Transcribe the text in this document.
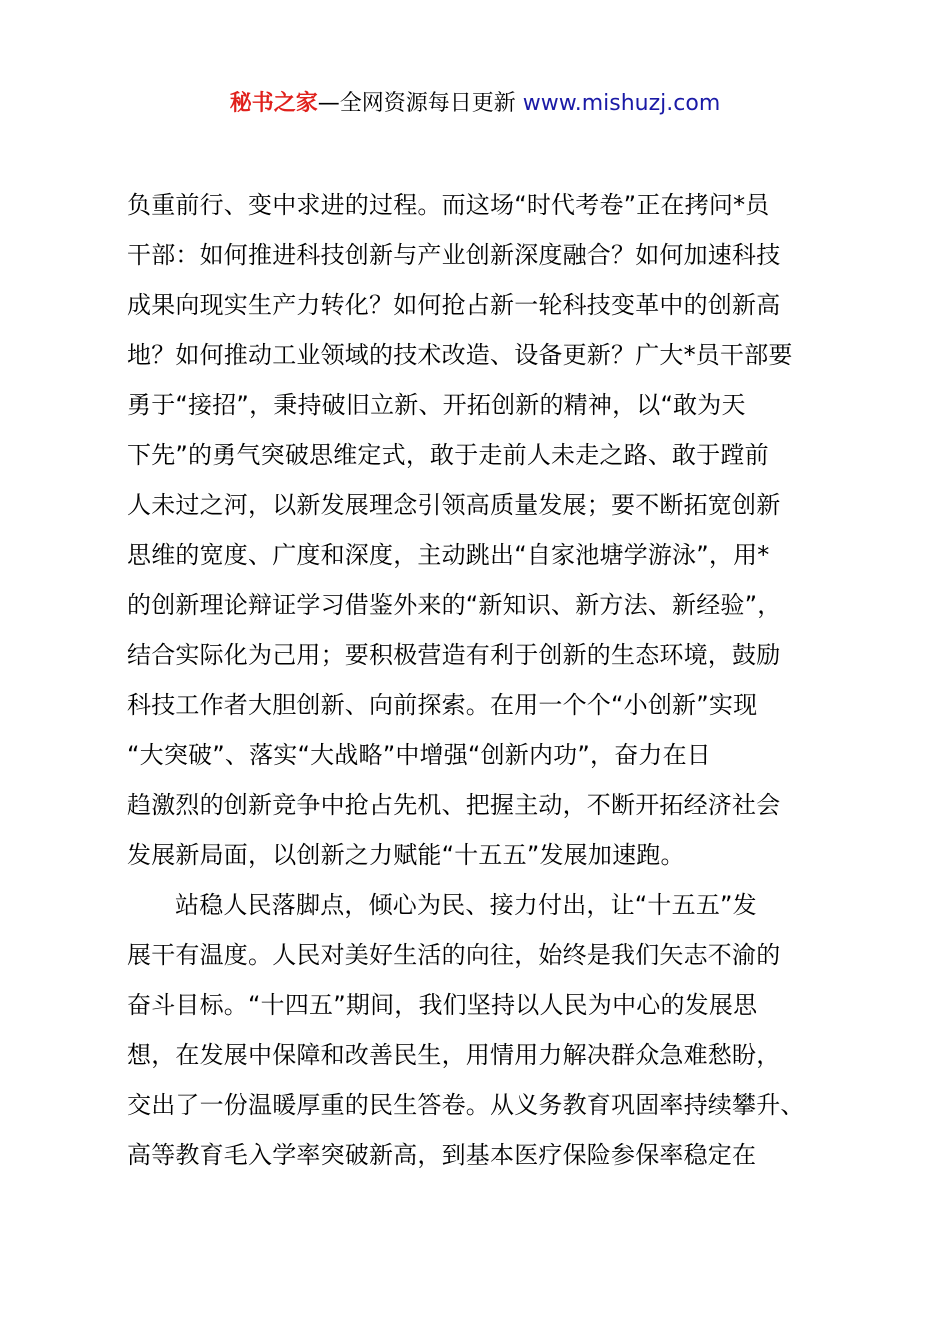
秘书之家—全网资源每日更新 www.mishuzj.com
负重前行、变中求进的过程。而这场“时代考卷”正在拷问*员
干部：如何推进科技创新与产业创新深度融合？如何加速科技
成果向现实生产力转化？如何抢占新一轮科技变革中的创新高
地？如何推动工业领域的技术改造、设备更新？广大*员干部要
勇于“接招”，秉持破旧立新、开拓创新的精神，以“敢为天
下先”的勇气突破思维定式，敢于走前人未走之路、敢于蹚前
人未过之河，以新发展理念引领高质量发展；要不断拓宽创新
思维的宽度、广度和深度，主动跳出“自家池塘学游泳”，用*
的创新理论辩证学习借鉴外来的“新知识、新方法、新经验”，
结合实际化为己用；要积极营造有利于创新的生态环境，鼓励
科技工作者大胆创新、向前探索。在用一个个“小创新”实现
“大突破”、落实“大战略”中增强“创新内功”，奋力在日
趋激烈的创新竞争中抢占先机、把握主动，不断开拓经济社会
发展新局面，以创新之力赋能“十五五”发展加速跑。
站稳人民落脚点，倾心为民、接力付出，让“十五五”发
展干有温度。人民对美好生活的向往，始终是我们矢志不渝的
奋斗目标。“十四五”期间，我们坚持以人民为中心的发展思
想，在发展中保障和改善民生，用情用力解决群众急难愁盼，
交出了一份温暖厚重的民生答卷。从义务教育巩固率持续攀升、
高等教育毛入学率突破新高，到基本医疗保险参保率稳定在
